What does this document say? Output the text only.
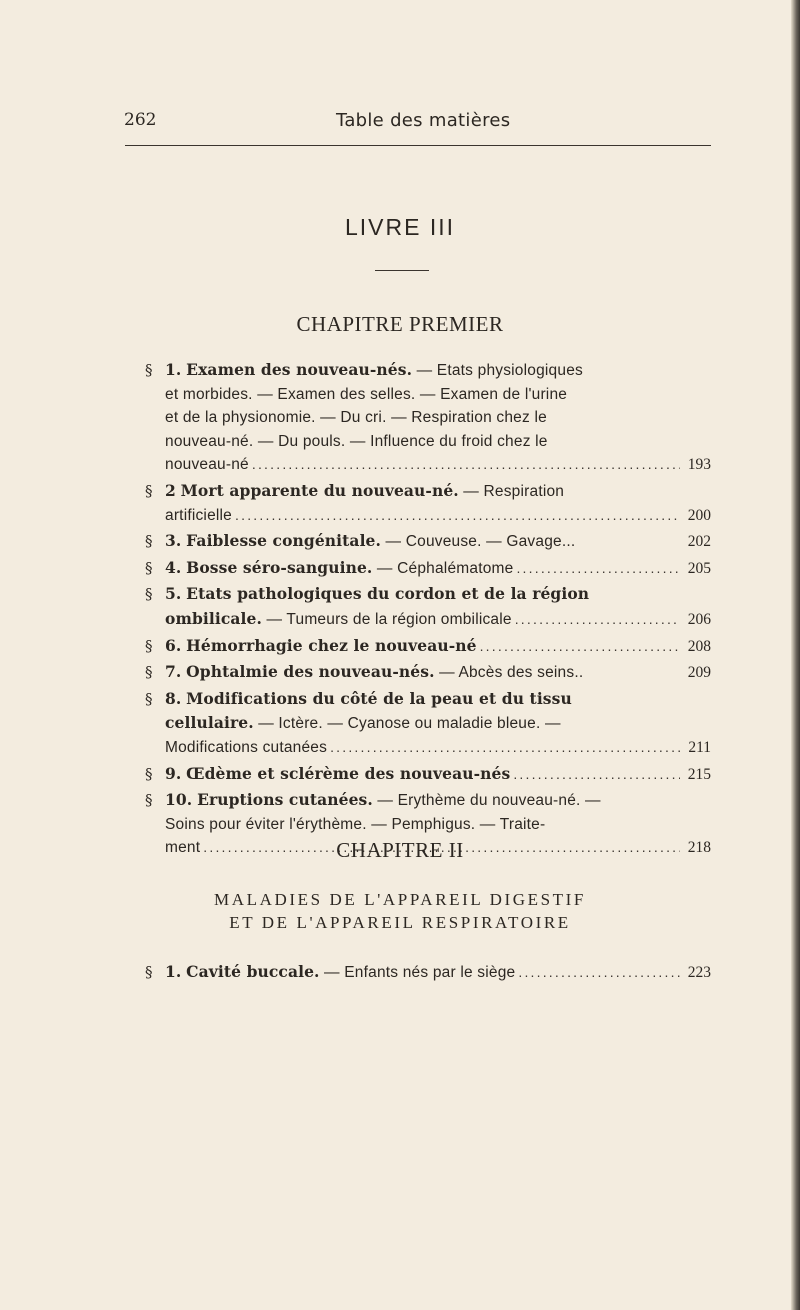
262	Table des matières
LIVRE III
CHAPITRE PREMIER
§ 1. Examen des nouveau-nés. — Etats physiologiques
et morbides. — Examen des selles. — Examen de l'urine
et de la physionomie. — Du cri. — Respiration chez le
nouveau-né. — Du pouls. — Influence du froid chez le
nouveau-né .....	193
§ 2 Mort apparente du nouveau-né. — Respiration
artificielle .....	200
§ 3. Faiblesse congénitale. — Couveuse. — Gavage...	202
§ 4. Bosse séro-sanguine. — Céphalématome .....	205
§ 5. Etats pathologiques du cordon et de la région
ombilicale. — Tumeurs de la région ombilicale .....	206
§ 6. Hémorrhagie chez le nouveau-né .....	208
§ 7. Ophtalmie des nouveau-nés. — Abcès des seins..	209
§ 8. Modifications du côté de la peau et du tissu
cellulaire. — Ictère. — Cyanose ou maladie bleue. —
Modifications cutanées .....	211
§ 9. Œdème et sclérème des nouveau-nés .....	215
§ 10. Eruptions cutanées. — Erythème du nouveau-né. —
Soins pour éviter l'érythème. — Pemphigus. — Traite-
ment .....	218
CHAPITRE II
MALADIES DE L'APPAREIL DIGESTIF
ET DE L'APPAREIL RESPIRATOIRE
§ 1. Cavité buccale. — Enfants nés par le siège .....	223
